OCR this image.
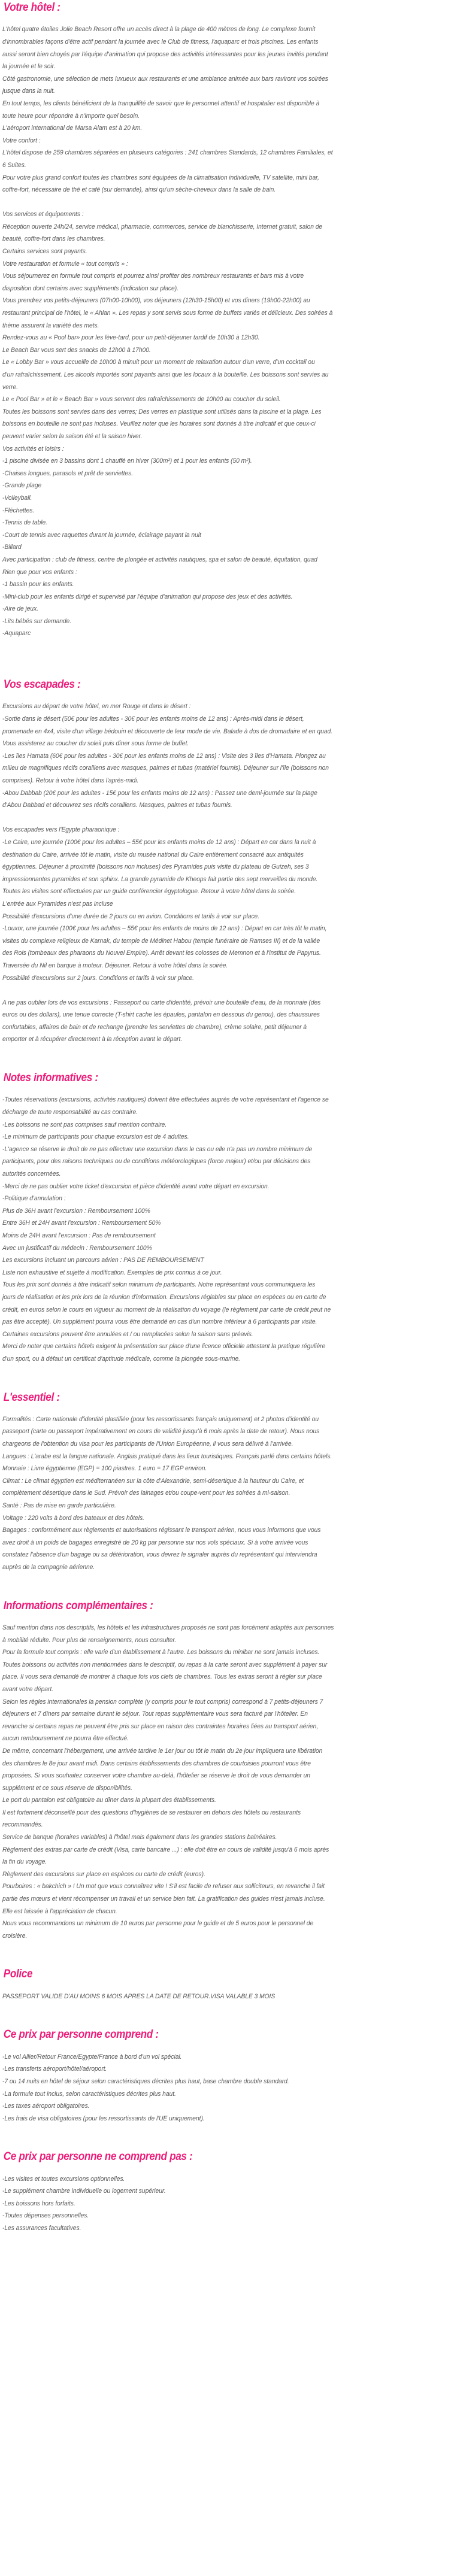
Votre hôtel :

L'hôtel quatre étoiles Jolie Beach Resort offre un accès direct à la plage de 400 mètres de long. Le complexe fournit

d'innombrables façons d'être actif pendant la journée avec le Club de fitness, l'aquaparc et trois piscines. Les enfants

aussi seront bien choyés par l'équipe d'animation qui propose des activités intéressantes pour les jeunes invités pendant

la journée et le soir.

Côté gastronomie, une sélection de mets luxueux aux restaurants et une ambiance animée aux bars raviront vos soirées

jusque dans la nuit.

En tout temps, les clients bénéficient de la tranquillité de savoir que le personnel attentif et hospitalier est disponible à

toute heure pour répondre à n'importe quel besoin.

L'aéroport international de Marsa Alam est à 20 km.

Votre confort :

L'hôtel dispose de 259 chambres séparées en plusieurs catégories : 241 chambres Standards, 12 chambres Familiales, et

6 Suites.

Pour votre plus grand confort toutes les chambres sont équipées de la climatisation individuelle, TV satellite, mini bar,

coffre-fort, nécessaire de thé et café (sur demande), ainsi qu'un sèche-cheveux dans la salle de bain.

Vos services et équipements :

Réception ouverte 24h/24, service médical, pharmacie, commerces, service de blanchisserie, Internet gratuit, salon de

beauté, coffre-fort dans les chambres.

Certains services sont payants.

Votre restauration et formule « tout compris » :

Vous séjournerez en formule tout compris et pourrez ainsi profiter des nombreux restaurants et bars mis à votre

disposition dont certains avec suppléments (indication sur place).

Vous prendrez vos petits-déjeuners (07h00-10h00), vos déjeuners (12h30-15h00) et vos dîners (19h00-22h00) au

restaurant principal de l'hôtel, le « Ahlan ». Les repas y sont servis sous forme de buffets variés et délicieux. Des soirées à

thème assurent la variété des mets.

Rendez-vous au « Pool bar» pour les lève-tard, pour un petit-déjeuner tardif de 10h30 à 12h30.

Le Beach Bar vous sert des snacks de 12h00 à 17h00.

Le « Lobby Bar » vous accueille de 10h00 à minuit pour un moment de relaxation autour d'un verre, d'un cocktail ou

d'un rafraîchissement. Les alcools importés sont payants ainsi que les locaux à la bouteille. Les boissons sont servies au

verre.

Le « Pool Bar » et le « Beach Bar » vous servent des rafraîchissements de 10h00 au coucher du soleil.

Toutes les boissons sont servies dans des verres; Des verres en plastique sont utilisés dans la piscine et la plage. Les

boissons en bouteille ne sont pas incluses. Veuillez noter que les horaires sont donnés à titre indicatif et que ceux-ci

peuvent varier selon la saison été et la saison hiver.

Vos activités et loisirs :

-1 piscine divisée en 3 bassins dont 1 chauffé en hiver (300m²) et 1 pour les enfants (50 m²).

-Chaises longues, parasols et prêt de serviettes.

-Grande plage

-Volleyball.

-Fléchettes.

-Tennis de table.

-Court de tennis avec raquettes durant la journée, éclairage payant la nuit

-Billard

Avec participation : club de fitness, centre de plongée et activités nautiques, spa et salon de beauté, équitation, quad

Rien que pour vos enfants :

-1 bassin pour les enfants.

-Mini-club pour les enfants dirigé et supervisé par l'équipe d'animation qui propose des jeux et des activités.

-Aire de jeux.

-Lits bébés sur demande.

-Aquaparc

Vos escapades :

Excursions au départ de votre hôtel, en mer Rouge et dans le désert :

-Sortie dans le désert (50€ pour les adultes - 30€ pour les enfants moins de 12 ans) : Après-midi dans le désert,

promenade en 4x4, visite d'un village bédouin et découverte de leur mode de vie. Balade à dos de dromadaire et en quad.

Vous assisterez au coucher du soleil puis dîner sous forme de buffet.

-Les îles Hamata (60€ pour les adultes - 30€ pour les enfants moins de 12 ans) : Visite des 3 îles d'Hamata. Plongez au

milieu de magnifiques récifs coralliens avec masques, palmes et tubas (matériel fournis). Déjeuner sur l'île (boissons non

comprises). Retour à votre hôtel dans l'après-midi.

-Abou Dabbab (20€ pour les adultes - 15€ pour les enfants moins de 12 ans) : Passez une demi-journée sur la plage

d'Abou Dabbad et découvrez ses récifs coralliens. Masques, palmes et tubas fournis.

Vos escapades vers l'Egypte pharaonique :

-Le Caire, une journée (100€ pour les adultes – 55€ pour les enfants moins de 12 ans) : Départ en car dans la nuit à

destination du Caire, arrivée tôt le matin, visite du musée national du Caire entièrement consacré aux antiquités

égyptiennes. Déjeuner à proximité (boissons non incluses) des Pyramides puis visite du plateau de Guizeh, ses 3

impressionnantes pyramides et son sphinx. La grande pyramide de Kheops fait partie des sept merveilles du monde.

Toutes les visites sont effectuées par un guide conférencier égyptologue. Retour à votre hôtel dans la soirée.

L'entrée aux Pyramides n'est pas incluse

Possibilité d'excursions d'une durée de 2 jours ou en avion. Conditions et tarifs à voir sur place.

-Louxor, une journée (100€ pour les adultes – 55€ pour les enfants de moins de 12 ans) : Départ en car très tôt le matin,

visites du complexe religieux de Karnak, du temple de Médinet Habou (temple funéraire de Ramses III) et de la vallée

des Rois (tombeaux des pharaons du Nouvel Empire). Arrêt devant les colosses de Memnon et à l'institut de Papyrus.

Traversée du Nil en barque à moteur. Déjeuner. Retour à votre hôtel dans la soirée.

Possibilité d'excursions sur 2 jours. Conditions et tarifs à voir sur place.

A ne pas oublier lors de vos excursions : Passeport ou carte d'identité, prévoir une bouteille d'eau, de la monnaie (des

euros ou des dollars), une tenue correcte (T-shirt cache les épaules, pantalon en dessous du genou), des chaussures

confortables, affaires de bain et de rechange (prendre les serviettes de chambre), crème solaire, petit déjeuner à

emporter et à récupérer directement à la réception avant le départ.

Notes informatives :

-Toutes réservations (excursions, activités nautiques) doivent être effectuées auprès de votre représentant et l'agence se

décharge de toute responsabilité au cas contraire.

-Les boissons ne sont pas comprises sauf mention contraire.

-Le minimum de participants pour chaque excursion est de 4 adultes.

-L'agence se réserve le droit de ne pas effectuer une excursion dans le cas ou elle n'a pas un nombre minimum de

participants, pour des raisons techniques ou de conditions météorologiques (force majeur) et/ou par décisions des

autorités concernées.

-Merci de ne pas oublier votre ticket d'excursion et pièce d'identité avant votre départ en excursion.

-Politique d'annulation :

Plus de 36H avant l'excursion : Remboursement 100%

Entre 36H et 24H avant l'excursion : Remboursement 50%

Moins de 24H avant l'excursion : Pas de remboursement

Avec un justificatif du médecin : Remboursement 100%

Les excursions incluant un parcours aérien : PAS DE REMBOURSEMENT

Liste non exhaustive et sujette à modification. Exemples de prix connus à ce jour.

Tous les prix sont donnés à titre indicatif selon minimum de participants. Notre représentant vous communiquera les

jours de réalisation et les prix lors de la réunion d'information. Excursions réglables sur place en espèces ou en carte de

crédit, en euros selon le cours en vigueur au moment de la réalisation du voyage (le règlement par carte de crédit peut ne

pas être accepté). Un supplément pourra vous être demandé en cas d'un nombre inférieur à 6 participants par visite.

Certaines excursions peuvent être annulées et / ou remplacées selon la saison sans préavis.

Merci de noter que certains hôtels exigent la présentation sur place d'une licence officielle attestant la pratique régulière

d'un sport, ou à défaut un certificat d'aptitude médicale, comme la plongée sous-marine.

L'essentiel :

Formalités : Carte nationale d'identité plastifiée (pour les ressortissants français uniquement) et 2 photos d'identité ou

passeport (carte ou passeport impérativement en cours de validité jusqu'à 6 mois après la date de retour). Nous nous

chargeons de l'obtention du visa pour les participants de l'Union Européenne, il vous sera délivré à l'arrivée.

Langues : L'arabe est la langue nationale. Anglais pratiqué dans les lieux touristiques. Français parlé dans certains hôtels.

Monnaie : Livre égyptienne (EGP) = 100 piastres. 1 euro = 17 EGP environ.

Climat : Le climat égyptien est méditerranéen sur la côte d'Alexandrie, semi-désertique à la hauteur du Caire, et

complètement désertique dans le Sud. Prévoir des lainages et/ou coupe-vent pour les soirées à mi-saison.

Santé : Pas de mise en garde particulière.

Voltage : 220 volts à bord des bateaux et des hôtels.

Bagages : conformément aux règlements et autorisations régissant le transport aérien, nous vous informons que vous

avez droit à un poids de bagages enregistré de 20 kg par personne sur nos vols spéciaux. Si à votre arrivée vous

constatez l'absence d'un bagage ou sa détérioration, vous devrez le signaler auprès du représentant qui interviendra

auprès de la compagnie aérienne.

Informations complémentaires :

Sauf mention dans nos descriptifs, les hôtels et les infrastructures proposés ne sont pas forcément adaptés aux personnes

à mobilité réduite. Pour plus de renseignements, nous consulter.

Pour la formule tout compris : elle varie d'un établissement à l'autre. Les boissons du minibar ne sont jamais incluses.

Toutes boissons ou activités non mentionnées dans le descriptif, ou repas à la carte seront avec supplément à payer sur

place. Il vous sera demandé de montrer à chaque fois vos clefs de chambres. Tous les extras seront à régler sur place

avant votre départ.

Selon les règles internationales la pension complète (y compris pour le tout compris) correspond à 7 petits-déjeuners 7

déjeuners et 7 dîners par semaine durant le séjour. Tout repas supplémentaire vous sera facturé par l'hôtelier. En

revanche si certains repas ne peuvent être pris sur place en raison des contraintes horaires liées au transport aérien,

aucun remboursement ne pourra être effectué.

De même, concernant l'hébergement, une arrivée tardive le 1er jour ou tôt le matin du 2e jour impliquera une libération

des chambres le 8e jour avant midi. Dans certains établissements des chambres de courtoisies pourront vous être

proposées. Si vous souhaitez conserver votre chambre au-delà, l'hôtelier se réserve le droit de vous demander un

supplément et ce sous réserve de disponibilités.

Le port du pantalon est obligatoire au dîner dans la plupart des établissements.

Il est fortement déconseillé pour des questions d'hygiènes de se restaurer en dehors des hôtels ou restaurants

recommandés.

Service de banque (horaires variables) à l'hôtel mais également dans les grandes stations balnéaires.

Règlement des extras par carte de crédit (Visa, carte bancaire ...) : elle doit être en cours de validité jusqu'à 6 mois après

la fin du voyage.

Règlement des excursions sur place en espèces ou carte de crédit (euros).

Pourboires : « bakchich » ! Un mot que vous connaîtrez vite ! S'il est facile de refuser aux solliciteurs, en revanche il fait

partie des mœurs et vient récompenser un travail et un service bien fait. La gratification des guides n'est jamais incluse.

Elle est laissée à l'appréciation de chacun.

Nous vous recommandons un minimum de 10 euros par personne pour le guide et de 5 euros pour le personnel de

croisière.

Police

PASSEPORT VALIDE D'AU MOINS 6 MOIS APRES LA DATE DE RETOUR.VISA VALABLE 3 MOIS

Ce prix par personne comprend :

-Le vol Allier/Retour France/Egypte/France à bord d'un vol spécial.

-Les transferts aéroport/hôtel/aéroport.

-7 ou 14 nuits en hôtel de séjour selon caractéristiques décrites plus haut, base chambre double standard.

-La formule tout inclus, selon caractéristiques décrites plus haut.

-Les taxes aéroport obligatoires.

-Les frais de visa obligatoires (pour les ressortissants de l'UE uniquement).

Ce prix par personne ne comprend pas :

-Les visites et toutes excursions optionnelles.

-Le supplément chambre individuelle ou logement supérieur.

-Les boissons hors forfaits.

-Toutes dépenses personnelles.

-Les assurances facultatives.
